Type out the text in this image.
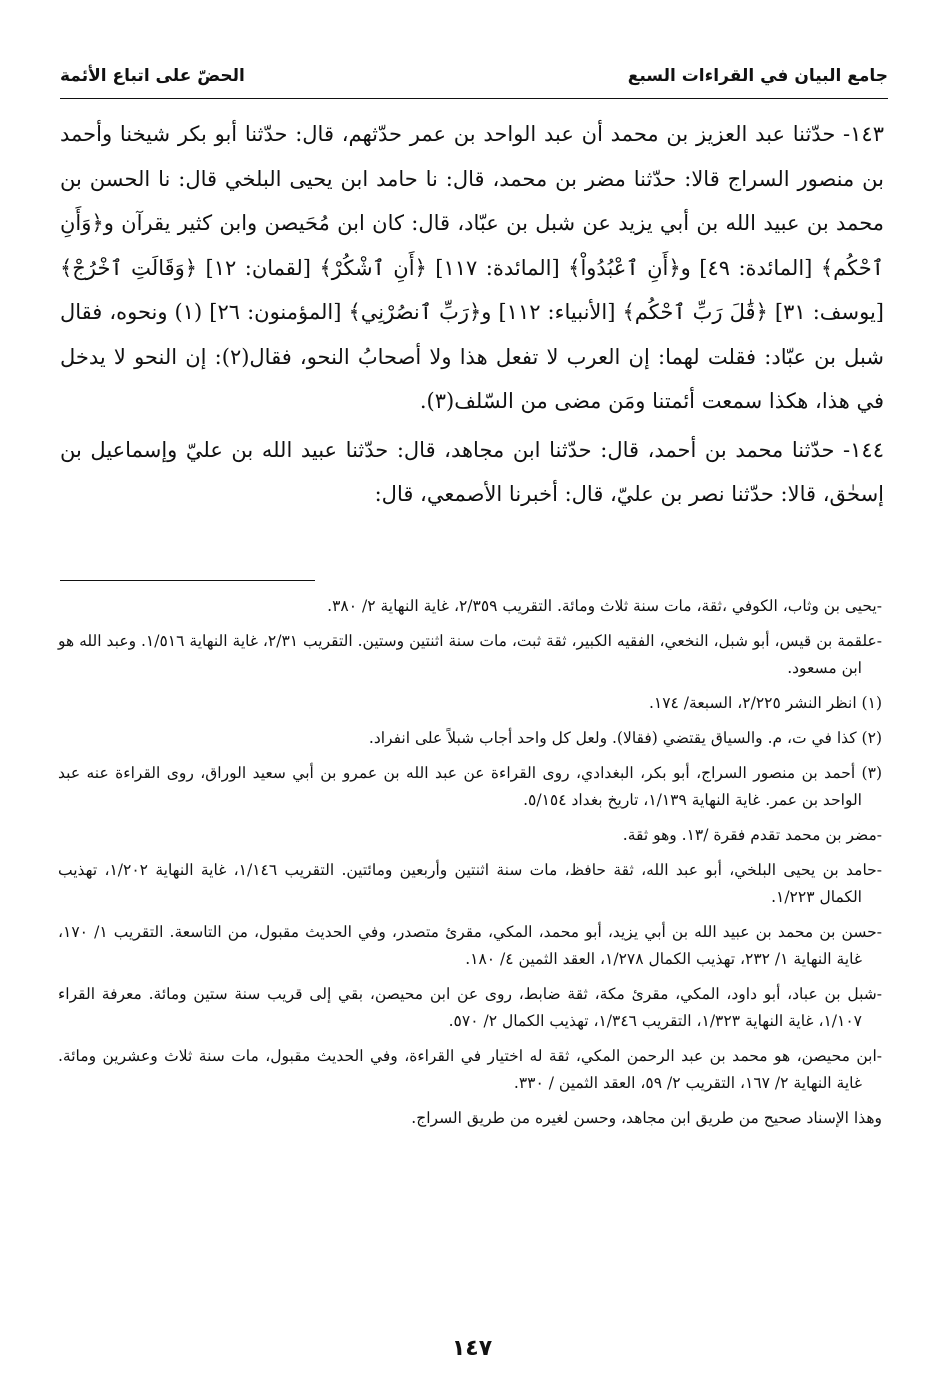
جامع البيان في القراءات السبع
الحضّ على اتباع الأئمة

١٤٣- حدّثنا عبد العزيز بن محمد أن عبد الواحد بن عمر حدّثهم، قال: حدّثنا أبو بكر شيخنا وأحمد بن منصور السراج قالا: حدّثنا مضر بن محمد، قال: نا حامد ابن يحيى البلخي قال: نا الحسن بن محمد بن عبيد الله بن أبي يزيد عن شبل بن عبّاد، قال: كان ابن مُحَيصن وابن كثير يقرآن و﴿وَأَنِ ٱحْكُم﴾ [المائدة: ٤٩] و﴿أَنِ ٱعْبُدُواْ﴾ [المائدة: ١١٧] ﴿أَنِ ٱشْكُرْ﴾ [لقمان: ١٢] ﴿وَقَالَتِ ٱخْرُجْ﴾ [يوسف: ٣١] ﴿قَٰلَ رَبِّ ٱحْكُم﴾ [الأنبياء: ١١٢] و﴿رَبِّ ٱنصُرْنِي﴾ [المؤمنون: ٢٦] (١) ونحوه، فقال شبل بن عبّاد: فقلت لهما: إن العرب لا تفعل هذا ولا أصحابُ النحو، فقال(٢): إن النحو لا يدخل في هذا، هكذا سمعت أئمتنا ومَن مضى من السّلف(٣).

١٤٤- حدّثنا محمد بن أحمد، قال: حدّثنا ابن مجاهد، قال: حدّثنا عبيد الله بن عليّ وإسماعيل بن إسحٰق، قالا: حدّثنا نصر بن عليّ، قال: أخبرنا الأصمعي، قال:

-يحيى بن وثاب، الكوفي ،ثقة، مات سنة ثلاث ومائة. التقريب ٢/٣٥٩، غاية النهاية ٢/ ٣٨٠.

-علقمة بن قيس، أبو شبل، النخعي، الفقيه الكبير، ثقة ثبت، مات سنة اثنتين وستين. التقريب ٢/٣١، غاية النهاية ١/٥١٦. وعبد الله هو ابن مسعود.

(١) انظر النشر ٢/٢٢٥، السبعة/ ١٧٤.

(٢) كذا في ت، م. والسياق يقتضي (فقالا). ولعل كل واحد أجاب شبلاً على انفراد.

(٣) أحمد بن منصور السراج، أبو بكر، البغدادي، روى القراءة عن عبد الله بن عمرو بن أبي سعيد الوراق، روى القراءة عنه عبد الواحد بن عمر. غاية النهاية ١/١٣٩، تاريخ بغداد ٥/١٥٤.

-مضر بن محمد تقدم فقرة /١٣. وهو ثقة.

-حامد بن يحيى البلخي، أبو عبد الله، ثقة حافظ، مات سنة اثنتين وأربعين ومائتين. التقريب ١/١٤٦، غاية النهاية ١/٢٠٢، تهذيب الكمال ١/٢٢٣.

-حسن بن محمد بن عبيد الله بن أبي يزيد، أبو محمد، المكي، مقرئ متصدر، وفي الحديث مقبول، من التاسعة. التقريب ١/ ١٧٠، غاية النهاية ١/ ٢٣٢، تهذيب الكمال ١/٢٧٨، العقد الثمين ٤/ ١٨٠.

-شبل بن عباد، أبو داود، المكي، مقرئ مكة، ثقة ضابط، روى عن ابن محيصن، بقي إلى قريب سنة ستين ومائة. معرفة القراء ١/١٠٧، غاية النهاية ١/٣٢٣، التقريب ١/٣٤٦، تهذيب الكمال ٢/ ٥٧٠.

-ابن محيصن، هو محمد بن عبد الرحمن المكي، ثقة له اختيار في القراءة، وفي الحديث مقبول، مات سنة ثلاث وعشرين ومائة. غاية النهاية ٢/ ١٦٧، التقريب ٢/ ٥٩، العقد الثمين / ٣٣٠.

وهذا الإسناد صحيح من طريق ابن مجاهد، وحسن لغيره من طريق السراج.

١٤٧
